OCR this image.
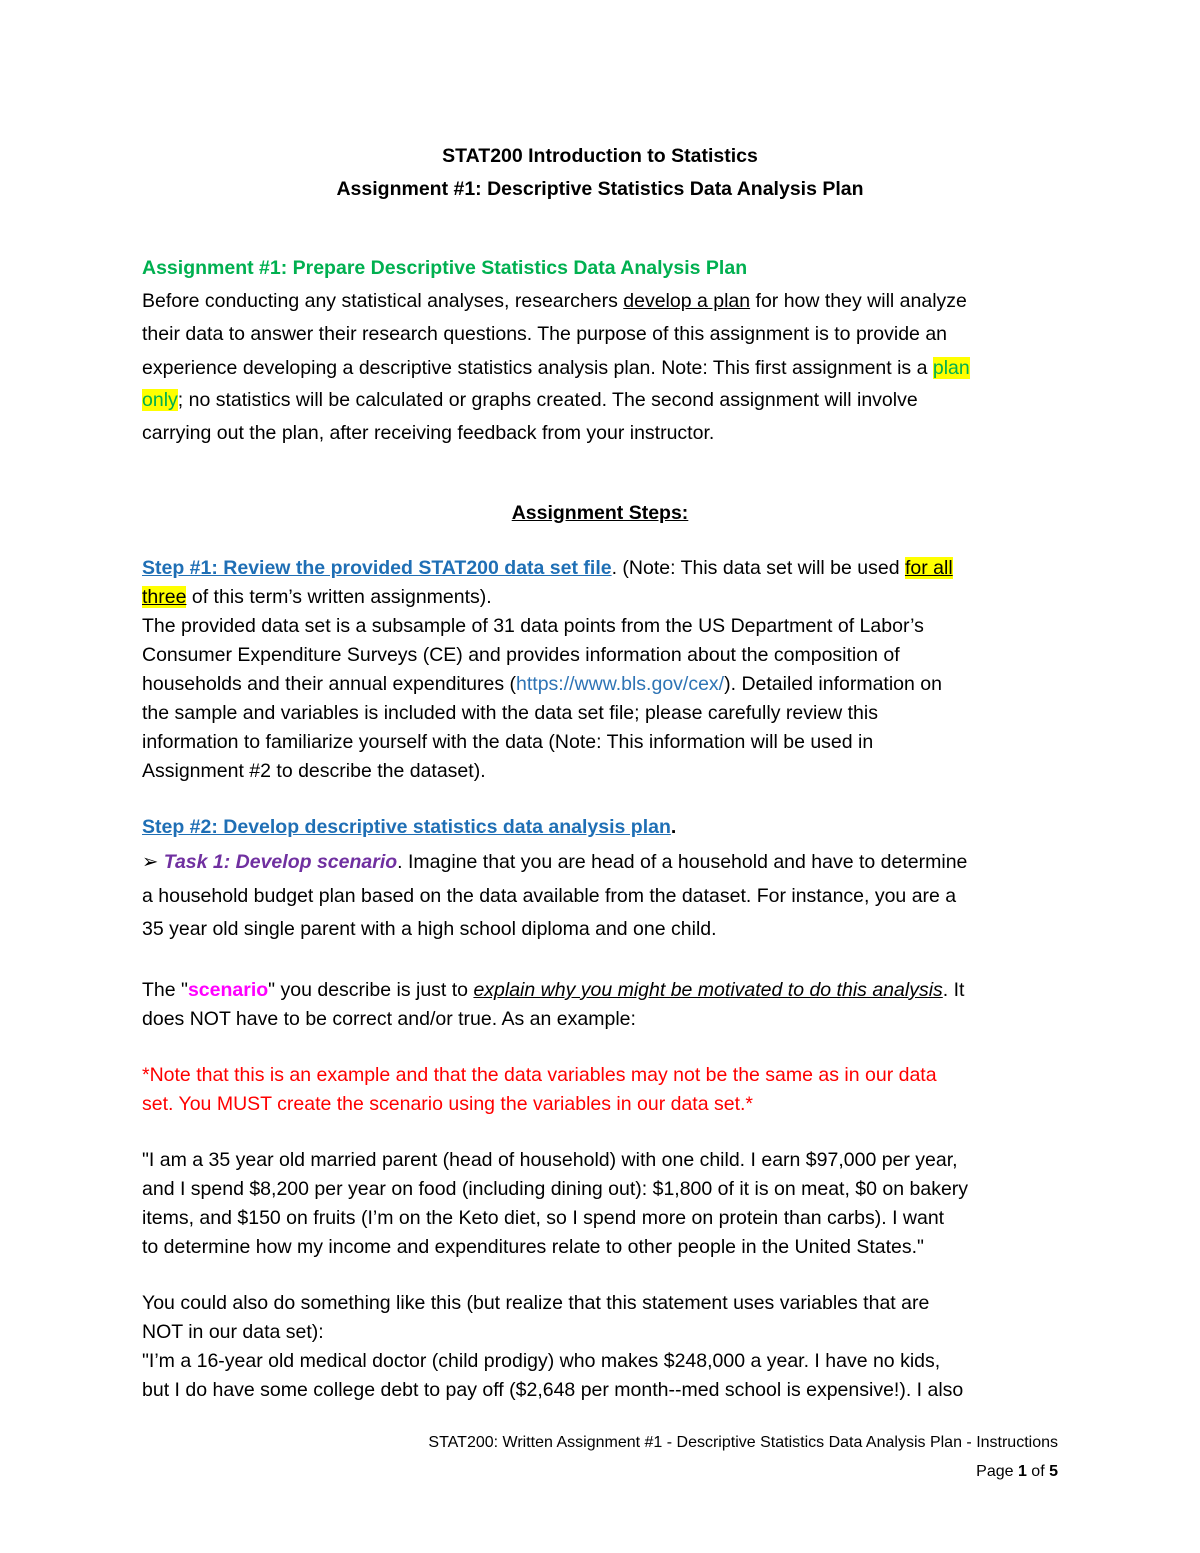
STAT200 Introduction to Statistics
Assignment #1: Descriptive Statistics Data Analysis Plan
Assignment #1: Prepare Descriptive Statistics Data Analysis Plan
Before conducting any statistical analyses, researchers develop a plan for how they will analyze
their data to answer their research questions. The purpose of this assignment is to provide an
experience developing a descriptive statistics analysis plan. Note: This first assignment is a plan
only; no statistics will be calculated or graphs created. The second assignment will involve
carrying out the plan, after receiving feedback from your instructor.
Assignment Steps:
Step #1: Review the provided STAT200 data set file. (Note: This data set will be used for all
three of this term’s written assignments).
The provided data set is a subsample of 31 data points from the US Department of Labor’s
Consumer Expenditure Surveys (CE) and provides information about the composition of
households and their annual expenditures (https://www.bls.gov/cex/). Detailed information on
the sample and variables is included with the data set file; please carefully review this
information to familiarize yourself with the data (Note: This information will be used in
Assignment #2 to describe the dataset).
Step #2: Develop descriptive statistics data analysis plan.
➢ Task 1: Develop scenario. Imagine that you are head of a household and have to determine
a household budget plan based on the data available from the dataset. For instance, you are a
35 year old single parent with a high school diploma and one child.
The "scenario" you describe is just to explain why you might be motivated to do this analysis. It
does NOT have to be correct and/or true. As an example:
*Note that this is an example and that the data variables may not be the same as in our data
set. You MUST create the scenario using the variables in our data set.*
"I am a 35 year old married parent (head of household) with one child. I earn $97,000 per year,
and I spend $8,200 per year on food (including dining out): $1,800 of it is on meat, $0 on bakery
items, and $150 on fruits (I’m on the Keto diet, so I spend more on protein than carbs). I want
to determine how my income and expenditures relate to other people in the United States."
You could also do something like this (but realize that this statement uses variables that are
NOT in our data set):
"I’m a 16-year old medical doctor (child prodigy) who makes $248,000 a year. I have no kids,
but I do have some college debt to pay off ($2,648 per month--med school is expensive!). I also
STAT200: Written Assignment #1 - Descriptive Statistics Data Analysis Plan - Instructions
Page 1 of 5
